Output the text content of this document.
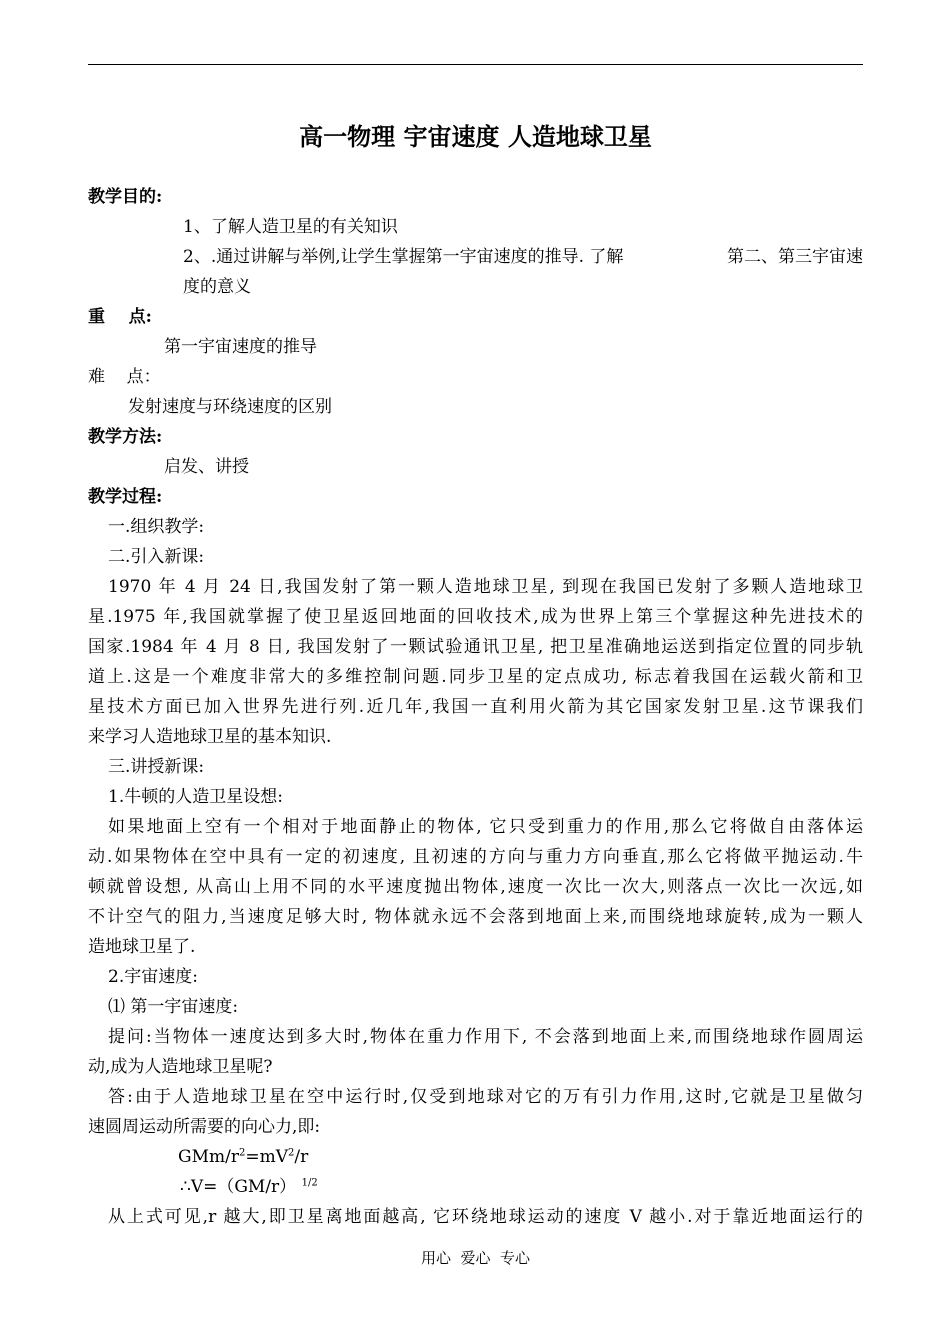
高一物理 宇宙速度 人造地球卫星
教学目的:
1、了解人造卫星的有关知识
2、.通过讲解与举例,让学生掌握第一宇宙速度的推导. 了解	第二、第三宇宙速
度的意义
重    点:
第一宇宙速度的推导
难    点：
发射速度与环绕速度的区别
教学方法:
启发、讲授
教学过程:
一.组织教学:
二.引入新课:
1970 年 4 月 24 日,我国发射了第一颗人造地球卫星, 到现在我国已发射了多颗人造地球卫
星.1975 年,我国就掌握了使卫星返回地面的回收技术,成为世界上第三个掌握这种先进技术的
国家.1984 年 4 月 8 日, 我国发射了一颗试验通讯卫星, 把卫星准确地运送到指定位置的同步轨
道上.这是一个难度非常大的多维控制问题.同步卫星的定点成功, 标志着我国在运载火箭和卫
星技术方面已加入世界先进行列.近几年,我国一直利用火箭为其它国家发射卫星.这节课我们
来学习人造地球卫星的基本知识.
三.讲授新课:
1.牛顿的人造卫星设想:
如果地面上空有一个相对于地面静止的物体, 它只受到重力的作用,那么它将做自由落体运
动.如果物体在空中具有一定的初速度, 且初速的方向与重力方向垂直,那么它将做平抛运动.牛
顿就曾设想, 从高山上用不同的水平速度抛出物体,速度一次比一次大,则落点一次比一次远,如
不计空气的阻力,当速度足够大时, 物体就永远不会落到地面上来,而围绕地球旋转,成为一颗人
造地球卫星了.
2.宇宙速度:
⑴ 第一宇宙速度:
提问:当物体一速度达到多大时,物体在重力作用下, 不会落到地面上来,而围绕地球作圆周运
动,成为人造地球卫星呢?
答:由于人造地球卫星在空中运行时,仅受到地球对它的万有引力作用,这时,它就是卫星做匀
速圆周运动所需要的向心力,即:
GMm/$r^2=mV^2/r$
∴V=（GM/r） $^{1/2}$
从上式可见,r 越大,即卫星离地面越高, 它环绕地球运动的速度 V 越小.对于靠近地面运行的
用心  爱心  专心
